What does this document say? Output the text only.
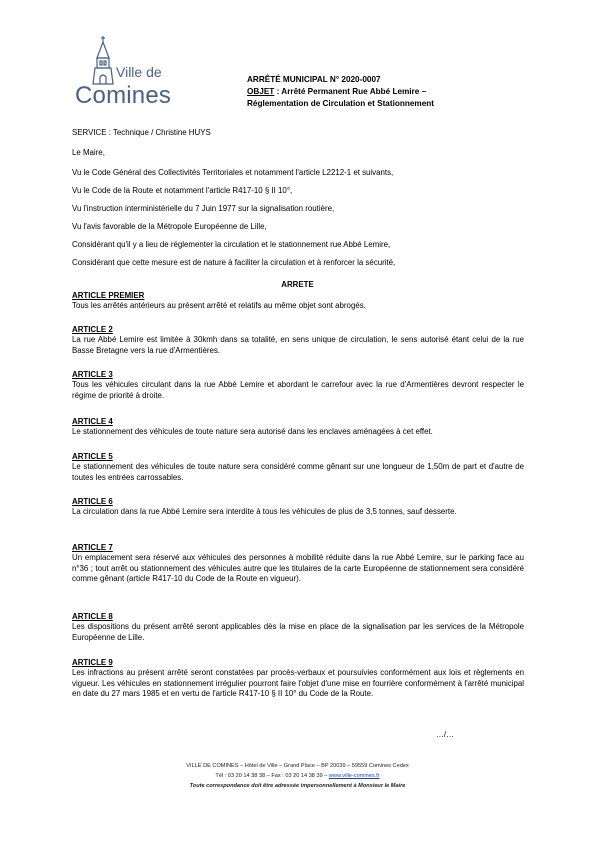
Ville de
Comines
ARRÊTÉ MUNICIPAL N° 2020-0007
OBJET : Arrêté Permanent Rue Abbé Lemire –
Réglementation de Circulation et Stationnement
SERVICE : Technique / Christine HUYS
Le Maire,
Vu le Code Général des Collectivités Territoriales et notamment l'article L2212-1 et suivants,
Vu le Code de la Route et notamment l'article R417-10 § II 10°,
Vu l'instruction interministérielle du 7 Juin 1977 sur la signalisation routière,
Vu l'avis favorable de la Métropole Européenne de Lille,
Considérant qu'il y a lieu de réglementer la circulation et le stationnement rue Abbé Lemire,
Considérant que cette mesure est de nature à faciliter la circulation et à renforcer la sécurité,
ARRETE
ARTICLE PREMIER
Tous les arrêtés antérieurs au présent arrêté et relatifs au même objet sont abrogés.
ARTICLE 2
La rue Abbé Lemire est limitée à 30kmh dans sa totalité, en sens unique de circulation, le sens autorisé étant celui de la rue Basse Bretagne vers la rue d'Armentières.
ARTICLE 3
Tous les véhicules circulant dans la rue Abbé Lemire et abordant le carrefour avec la rue d'Armentières devront respecter le régime de priorité à droite.
ARTICLE 4
Le stationnement des véhicules de toute nature sera autorisé dans les enclaves aménagées à cet effet.
ARTICLE 5
Le stationnement des véhicules de toute nature sera considéré comme gênant sur une longueur de 1,50m de part et d'autre de toutes les entrées carrossables.
ARTICLE 6
La circulation dans la rue Abbé Lemire sera interdite à tous les véhicules de plus de 3,5 tonnes, sauf desserte.
ARTICLE 7
Un emplacement sera réservé aux véhicules des personnes à mobilité réduite dans la rue Abbé Lemire, sur le parking face au n°36 ; tout arrêt ou stationnement des véhicules autre que les titulaires de la carte Européenne de stationnement sera considéré comme gênant (article R417-10 du Code de la Route en vigueur).
ARTICLE 8
Les dispositions du présent arrêté seront applicables dès la mise en place de la signalisation par les services de la Métropole Européenne de Lille.
ARTICLE 9
Les infractions au présent arrêté seront constatées par procès-verbaux et poursuivies conformément aux lois et règlements en vigueur. Les véhicules en stationnement irrégulier pourront faire l'objet d'une mise en fourrière conformément à l'arrêté municipal en date du 27 mars 1985 et en vertu de l'article R417-10 § II 10° du Code de la Route.
…/…
VILLE DE COMINES – Hôtel de Ville – Grand Place – BP 20039 – 59559 Comines Cedex
Tél : 03 20 14 38 38 – Fax : 03 20 14 38 39 – www.ville-comines.fr
Toute correspondance doit être adressée impersonnellement à Monsieur le Maire
